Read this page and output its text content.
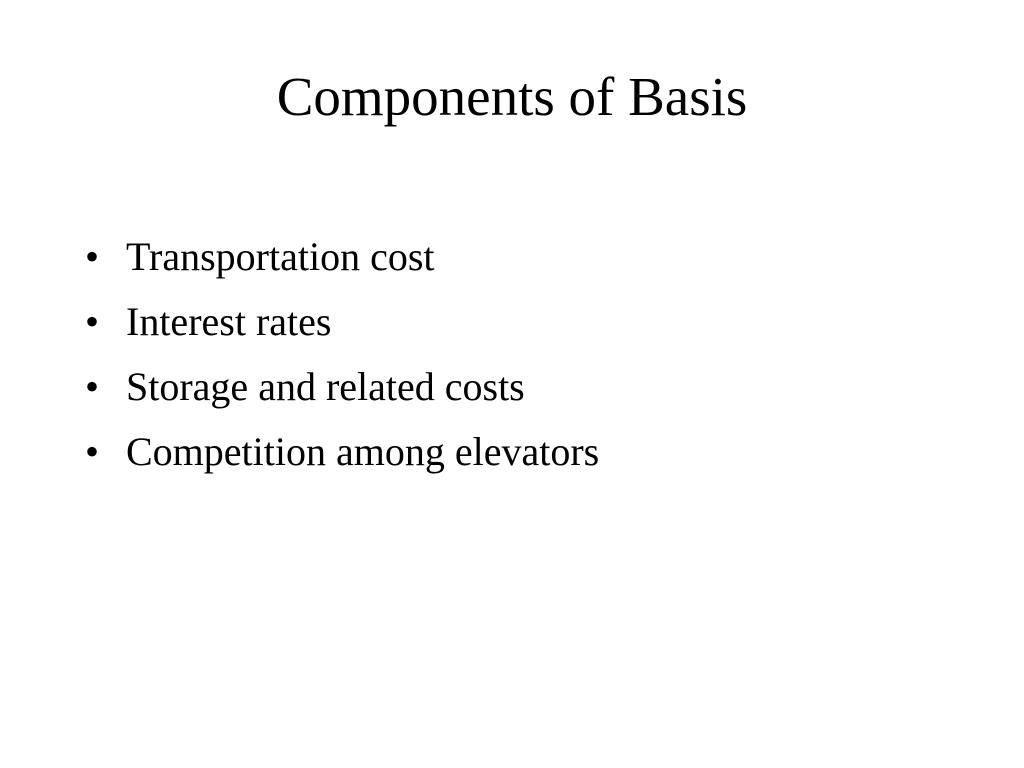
Components of Basis
• Transportation cost
• Interest rates
• Storage and related costs
• Competition among elevators
